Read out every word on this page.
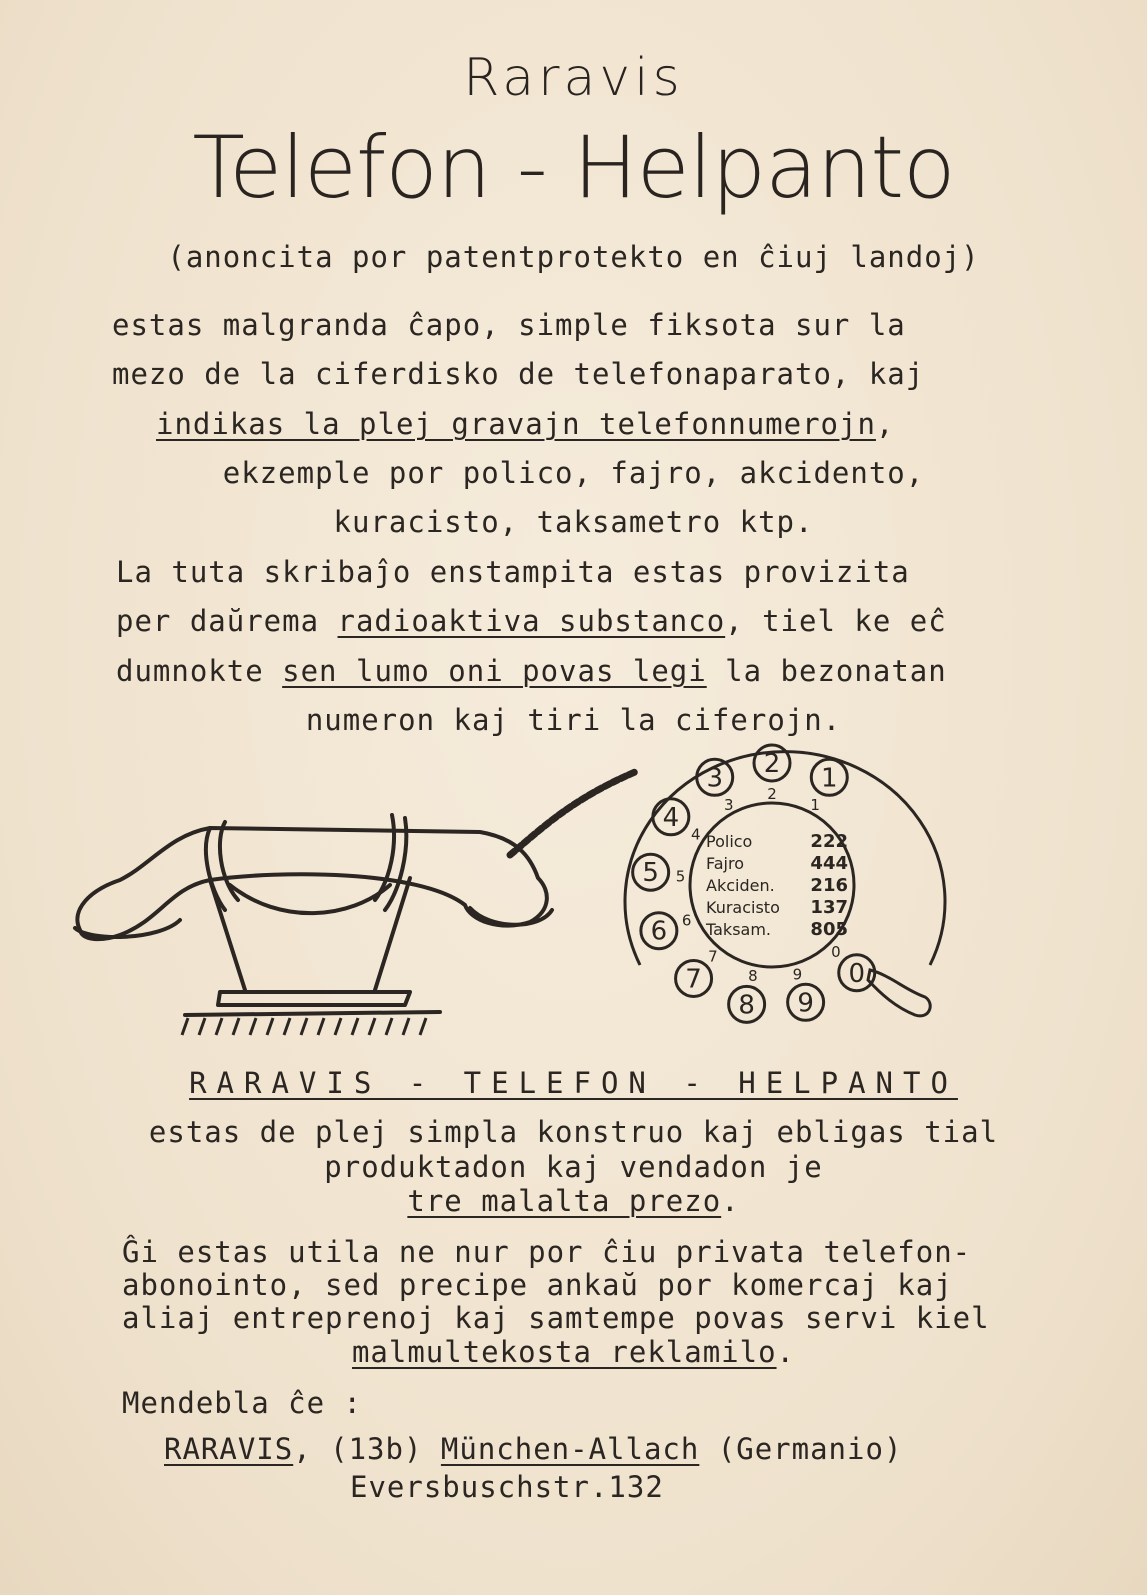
Raravis
Telefon - Helpanto
(anoncita por patentprotekto en ĉiuj landoj)
estas malgranda ĉapo, simple fiksota sur la
mezo de la ciferdisko de telefonaparato, kaj
indikas la plej gravajn telefonnumerojn,
ekzemple por polico, fajro, akcidento,
kuracisto, taksametro ktp.
La tuta skribaĵo enstampita estas provizita
per daŭrema radioaktiva substanco, tiel ke eĉ
dumnokte sen lumo oni povas legi la bezonatan
numeron kaj tiri la ciferojn.
1
2
3
4
5
6
7
8 9
0
1
2
3
4
5
6
7
8 9
0
Polico	222
Fajro	444
Akciden. 216
Kuracisto 137
Taksam. 805
RARAVIS - TELEFON - HELPANTO
estas de plej simpla konstruo kaj ebligas tial
produktadon kaj vendadon je
tre malalta prezo.
Ĝi estas utila ne nur por ĉiu privata telefon-
abonointo, sed precipe ankaŭ por komercaj kaj
aliaj entreprenoj kaj samtempe povas servi kiel
malmultekosta reklamilo.
Mendebla ĉe :
RARAVIS, (13b) München-Allach (Germanio)
Eversbuschstr.132
